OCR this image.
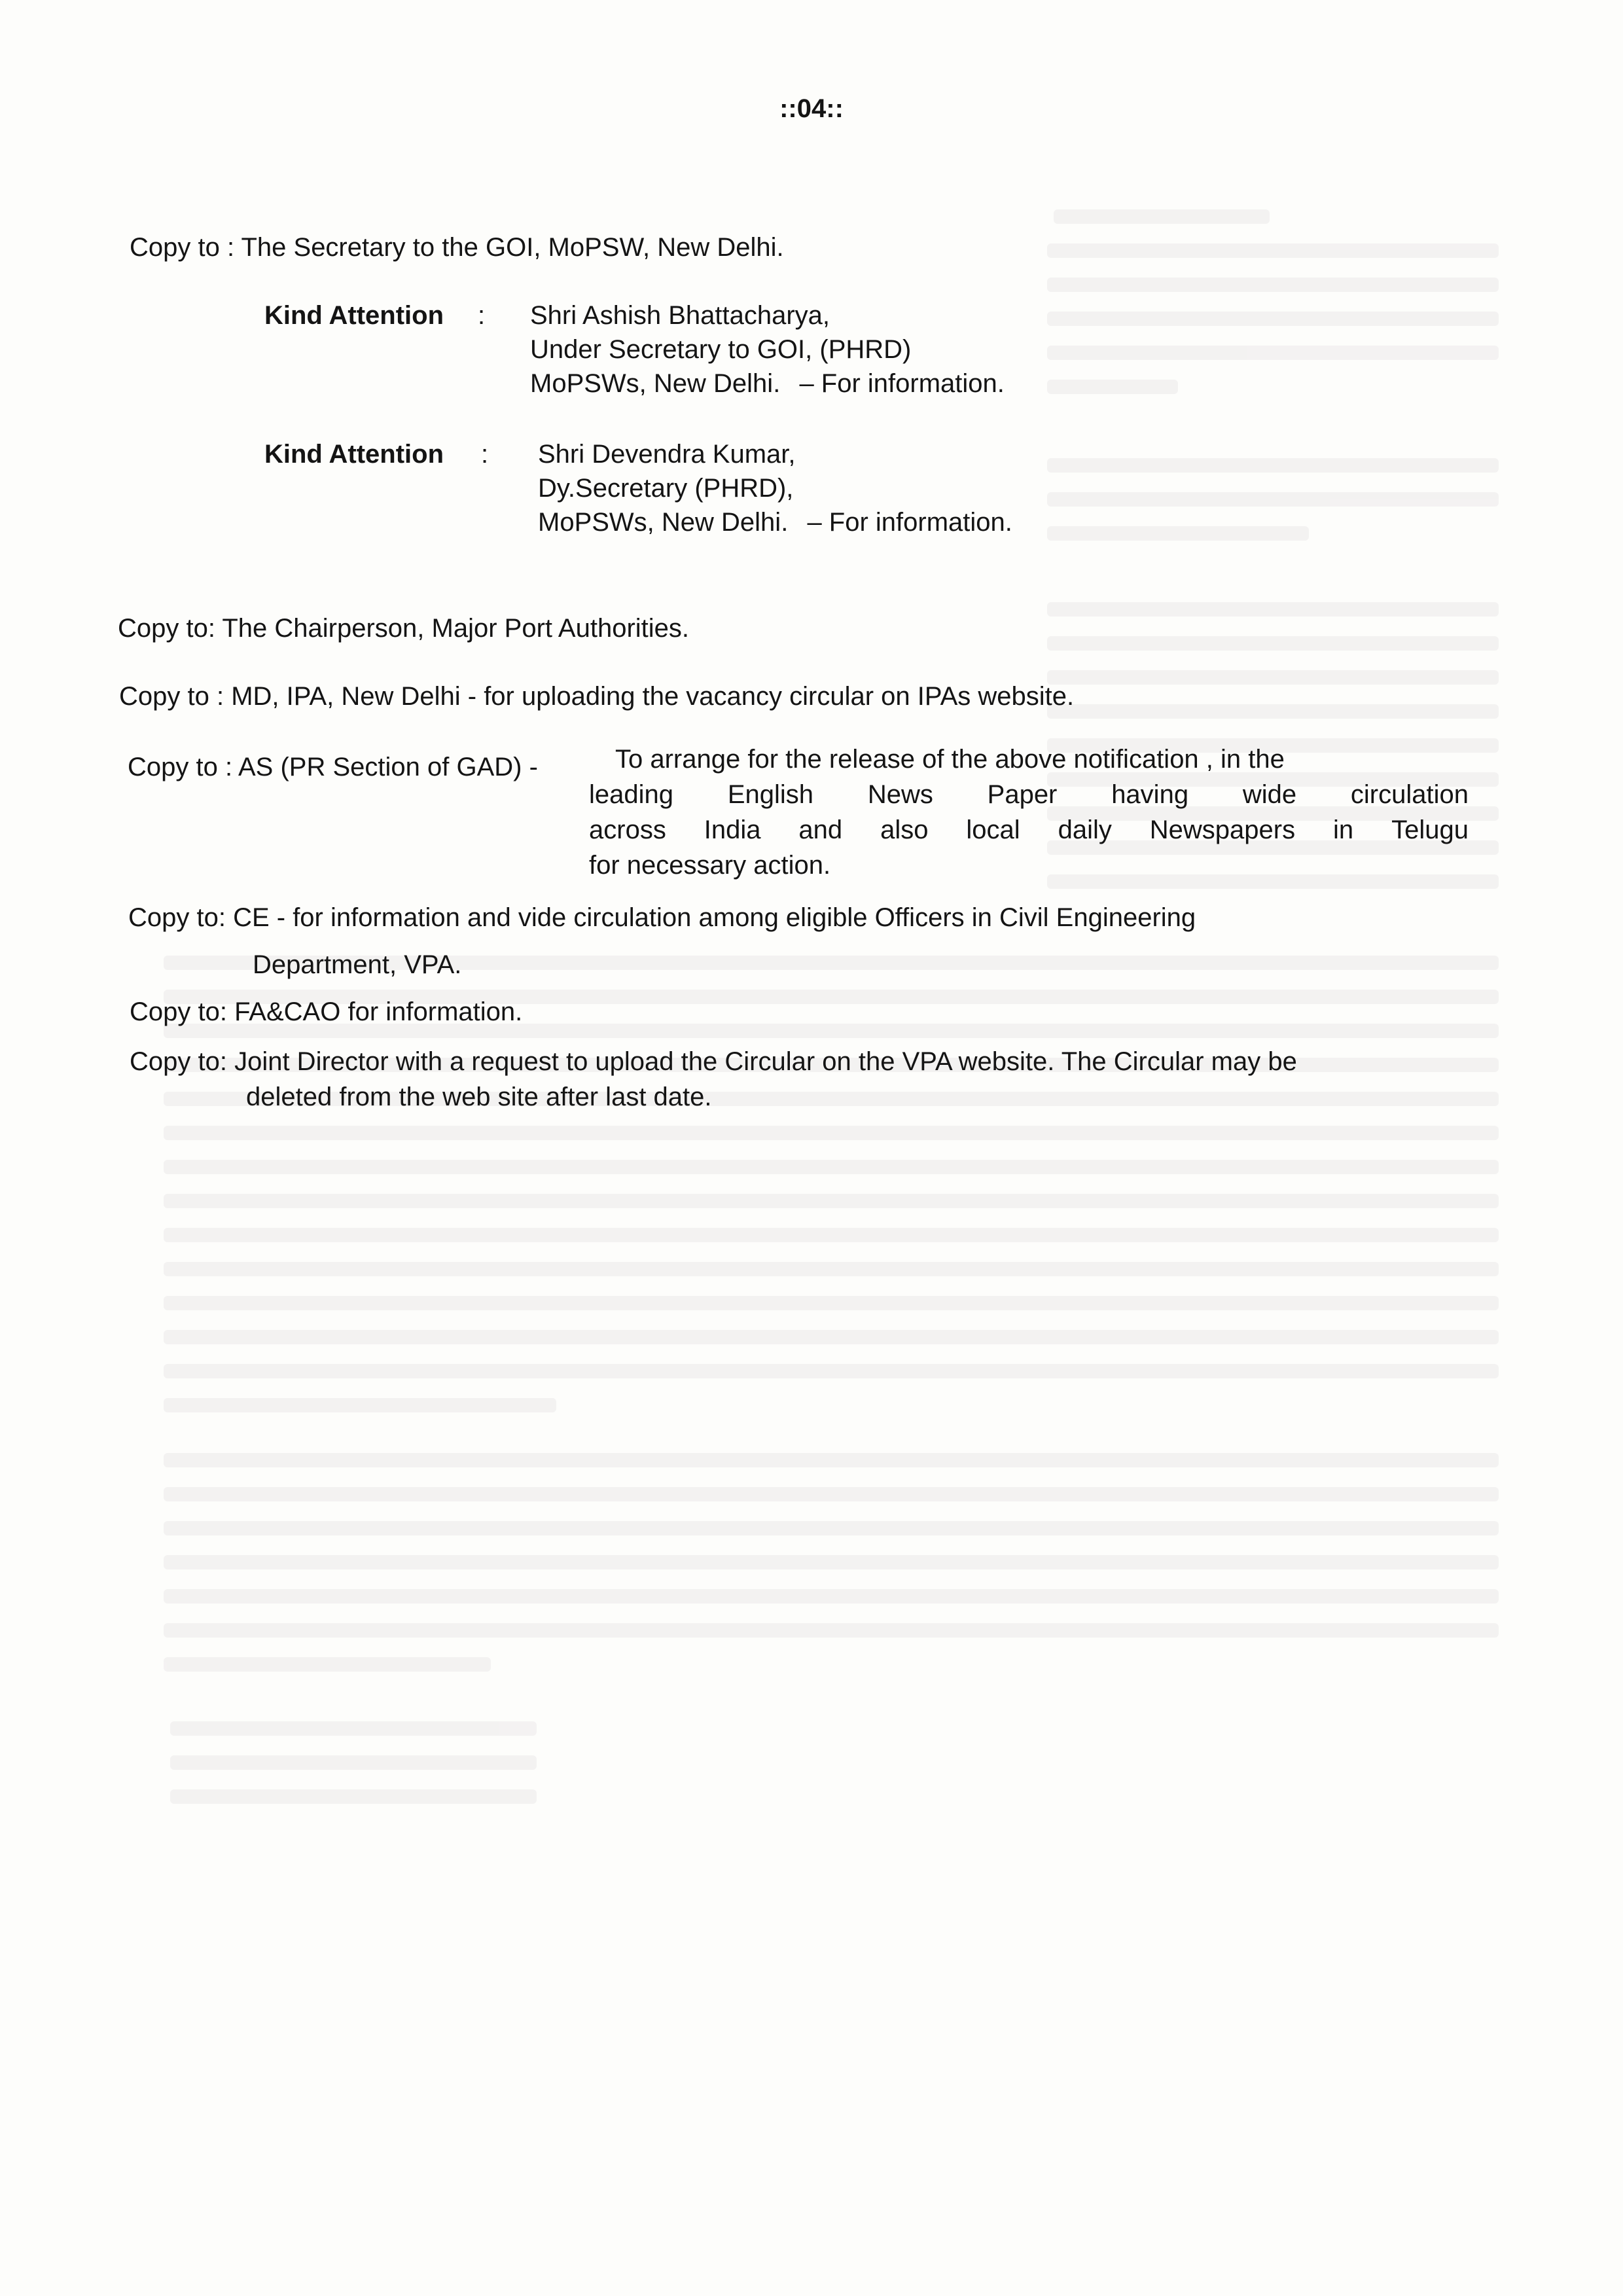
::04::
Copy to : The Secretary to the GOI, MoPSW, New Delhi.
Kind Attention : Shri Ashish Bhattacharya,
Under Secretary to GOI, (PHRD)
MoPSWs, New Delhi. – For information.
Kind Attention : Shri Devendra Kumar,
Dy.Secretary (PHRD),
MoPSWs, New Delhi. – For information.
Copy to: The Chairperson, Major Port Authorities.
Copy to : MD, IPA, New Delhi - for uploading the vacancy circular on IPAs website.
Copy to : AS (PR Section of GAD) -	To arrange for the release of the above notification , in the
leading English News Paper having wide circulation
across India and also local daily Newspapers in Telugu
for necessary action.
Copy to: CE - for information and vide circulation among eligible Officers in Civil Engineering
Department, VPA.
Copy to: FA&CAO for information.
Copy to: Joint Director with a request to upload the Circular on the VPA website. The Circular may be
deleted from the web site after last date.
